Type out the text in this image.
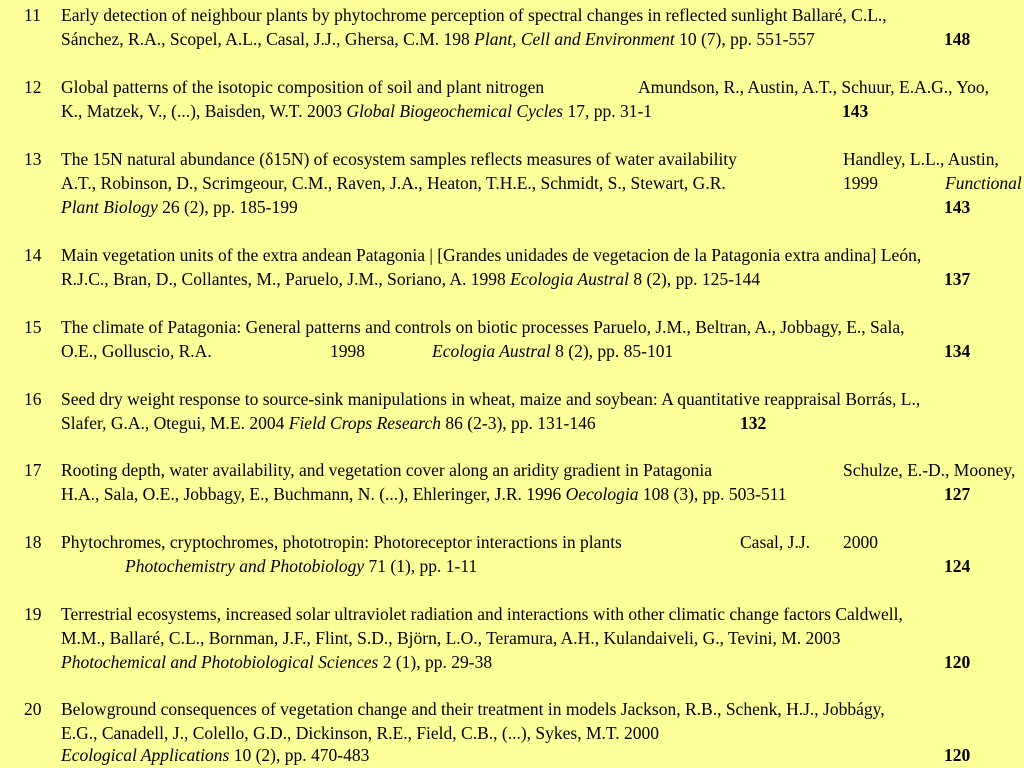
11 Early detection of neighbour plants by phytochrome perception of spectral changes in reflected sunlight Ballaré, C.L.,
Sánchez, R.A., Scopel, A.L., Casal, J.J., Ghersa, C.M. 198 Plant, Cell and Environment 10 (7), pp. 551-557	148
12 Global patterns of the isotopic composition of soil and plant nitrogen	Amundson, R., Austin, A.T., Schuur, E.A.G., Yoo,
K., Matzek, V., (...), Baisden, W.T. 2003 Global Biogeochemical Cycles 17, pp. 31-1	143
13 The 15N natural abundance (δ15N) of ecosystem samples reflects measures of water availability	Handley, L.L., Austin,
A.T., Robinson, D., Scrimgeour, C.M., Raven, J.A., Heaton, T.H.E., Schmidt, S., Stewart, G.R.	1999	Functional
Plant Biology 26 (2), pp. 185-199	143
14 Main vegetation units of the extra andean Patagonia | [Grandes unidades de vegetacion de la Patagonia extra andina] León,
R.J.C., Bran, D., Collantes, M., Paruelo, J.M., Soriano, A. 1998 Ecologia Austral 8 (2), pp. 125-144	137
15 The climate of Patagonia: General patterns and controls on biotic processes Paruelo, J.M., Beltran, A., Jobbagy, E., Sala,
O.E., Golluscio, R.A.	1998	Ecologia Austral 8 (2), pp. 85-101	134
16 Seed dry weight response to source-sink manipulations in wheat, maize and soybean: A quantitative reappraisal Borrás, L.,
Slafer, G.A., Otegui, M.E. 2004 Field Crops Research 86 (2-3), pp. 131-146	132
17 Rooting depth, water availability, and vegetation cover along an aridity gradient in Patagonia	Schulze, E.-D., Mooney,
H.A., Sala, O.E., Jobbagy, E., Buchmann, N. (...), Ehleringer, J.R. 1996 Oecologia 108 (3), pp. 503-511	127
18 Phytochromes, cryptochromes, phototropin: Photoreceptor interactions in plants	Casal, J.J. 2000
Photochemistry and Photobiology 71 (1), pp. 1-11	124
19 Terrestrial ecosystems, increased solar ultraviolet radiation and interactions with other climatic change factors Caldwell,
M.M., Ballaré, C.L., Bornman, J.F., Flint, S.D., Björn, L.O., Teramura, A.H., Kulandaiveli, G., Tevini, M. 2003
Photochemical and Photobiological Sciences 2 (1), pp. 29-38	120
20 Belowground consequences of vegetation change and their treatment in models Jackson, R.B., Schenk, H.J., Jobbágy,
E.G., Canadell, J., Colello, G.D., Dickinson, R.E., Field, C.B., (...), Sykes, M.T. 2000
Ecological Applications 10 (2), pp. 470-483	120
